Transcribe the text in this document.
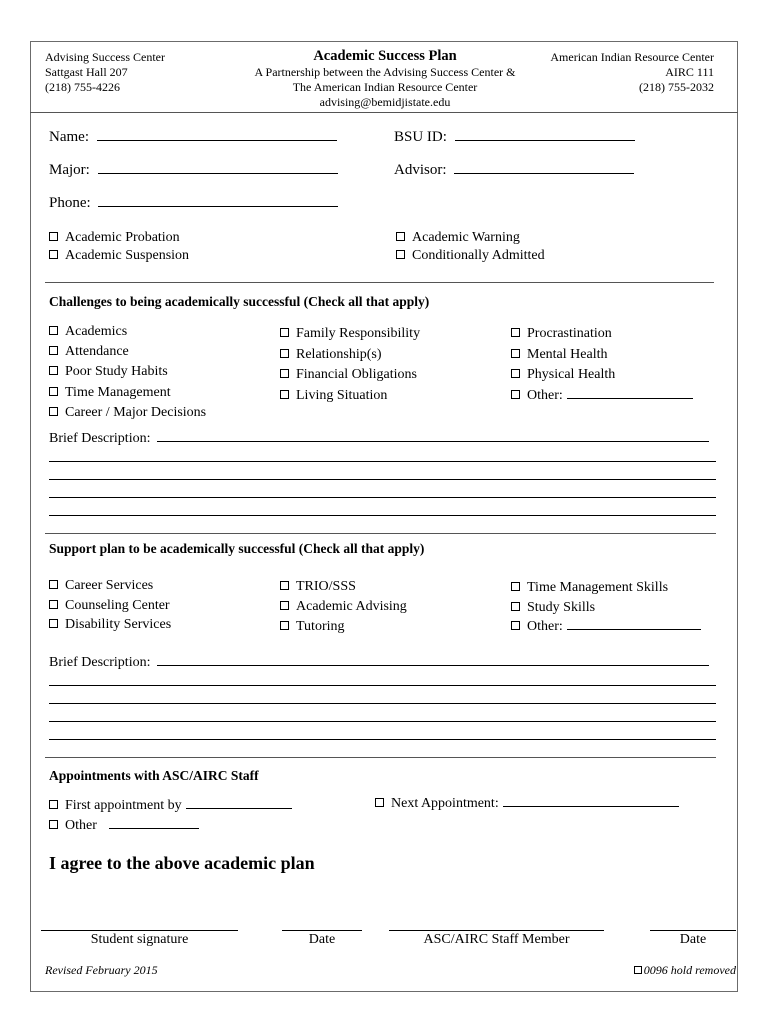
Advising Success Center
Sattgast Hall 207
(218) 755-4226
Academic Success Plan
A Partnership between the Advising Success Center &
The American Indian Resource Center
advising@bemidjistate.edu
American Indian Resource Center
AIRC 111
(218) 755-2032
Name:	BSU ID:
Major:	Advisor:
Phone:
Academic Probation
Academic Suspension
Academic Warning
Conditionally Admitted
Challenges to being academically successful (Check all that apply)
Academics
Attendance
Poor Study Habits
Time Management
Career / Major Decisions
Family Responsibility
Relationship(s)
Financial Obligations
Living Situation
Procrastination
Mental Health
Physical Health
Other:
Brief Description:
Support plan to be academically successful (Check all that apply)
Career Services
Counseling Center
Disability Services
TRIO/SSS
Academic Advising
Tutoring
Time Management Skills
Study Skills
Other:
Brief Description:
Appointments with ASC/AIRC Staff
First appointment by
Other
Next Appointment:
I agree to the above academic plan
Student signature	Date	ASC/AIRC Staff Member	Date
Revised February 2015	0096 hold removed
